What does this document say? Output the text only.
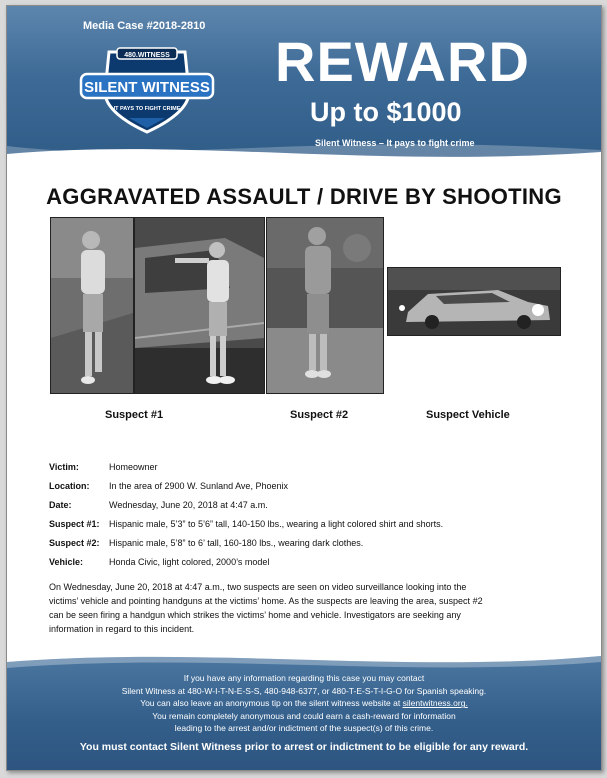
Media Case #2018-2810
480.WITNESS
SILENT WITNESS
IT PAYS TO FIGHT CRIME
REWARD
Up to $1000
Silent Witness – It pays to fight crime
AGGRAVATED ASSAULT / DRIVE BY SHOOTING
Suspect #1	Suspect #2	Suspect Vehicle
Victim:	Homeowner
Location:	In the area of 2900 W. Sunland Ave, Phoenix
Date:	Wednesday, June 20, 2018 at 4:47 a.m.
Suspect #1:	Hispanic male, 5’3” to 5’6” tall, 140-150 lbs., wearing a light colored shirt and shorts.
Suspect #2:	Hispanic male, 5’8” to 6’ tall, 160-180 lbs., wearing dark clothes.
Vehicle:	Honda Civic, light colored, 2000’s model
On Wednesday, June 20, 2018 at 4:47 a.m., two suspects are seen on video surveillance looking into the
victims’ vehicle and pointing handguns at the victims’ home. As the suspects are leaving the area, suspect #2
can be seen firing a handgun which strikes the victims’ home and vehicle. Investigators are seeking any
information in regard to this incident.
If you have any information regarding this case you may contact
Silent Witness at 480-W-I-T-N-E-S-S, 480-948-6377, or 480-T-E-S-T-I-G-O for Spanish speaking.
You can also leave an anonymous tip on the silent witness website at silentwitness.org.
You remain completely anonymous and could earn a cash-reward for information
leading to the arrest and/or indictment of the suspect(s) of this crime.
You must contact Silent Witness prior to arrest or indictment to be eligible for any reward.
